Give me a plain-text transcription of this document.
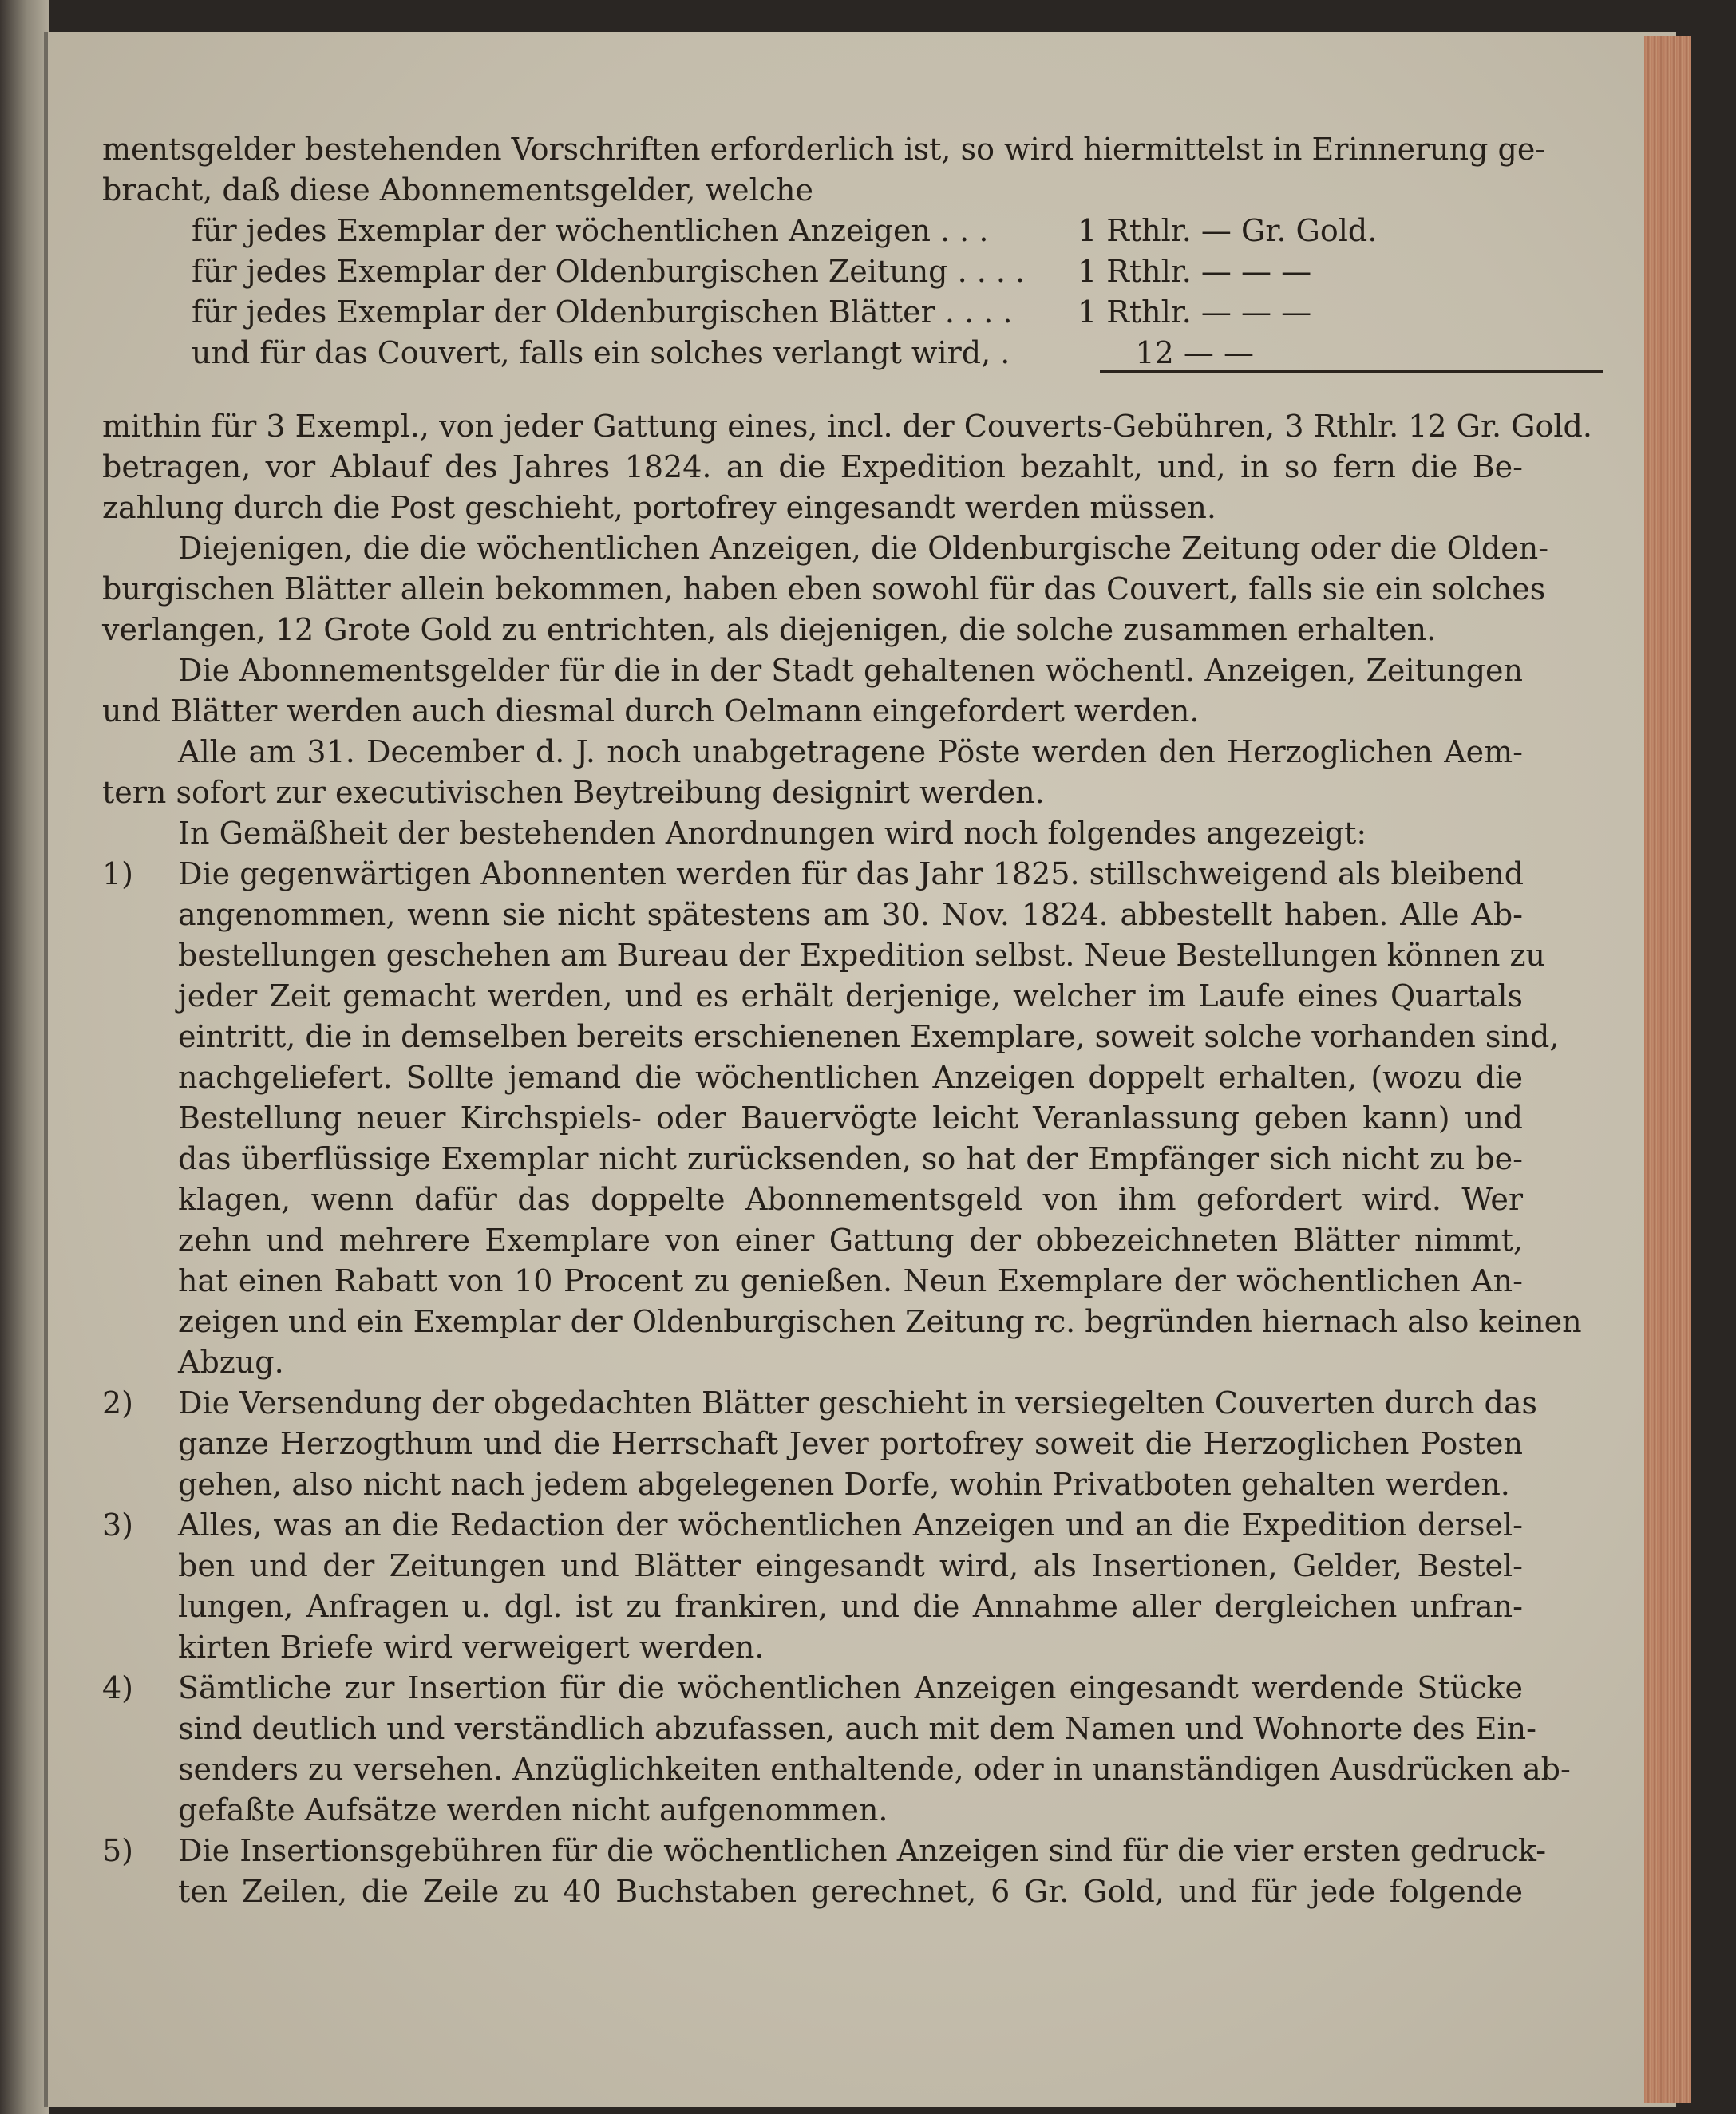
mentsgelder bestehenden Vorschriften erforderlich ist, so wird hiermittelst in Erinnerung ge-
bracht, daß diese Abonnementsgelder, welche
für jedes Exemplar der wöchentlichen Anzeigen . . .	1 Rthlr. — Gr. Gold.
für jedes Exemplar der Oldenburgischen Zeitung . . . .	1 Rthlr. — — —
für jedes Exemplar der Oldenburgischen Blätter . . . .	1 Rthlr. — — —
und für das Couvert, falls ein solches verlangt wird, .	12 — —
mithin für 3 Exempl., von jeder Gattung eines, incl. der Couverts-Gebühren, 3 Rthlr. 12 Gr. Gold.
betragen, vor Ablauf des Jahres 1824. an die Expedition bezahlt, und, in so fern die Be-
zahlung durch die Post geschieht, portofrey eingesandt werden müssen.
Diejenigen, die die wöchentlichen Anzeigen, die Oldenburgische Zeitung oder die Olden-
burgischen Blätter allein bekommen, haben eben sowohl für das Couvert, falls sie ein solches
verlangen, 12 Grote Gold zu entrichten, als diejenigen, die solche zusammen erhalten.
Die Abonnementsgelder für die in der Stadt gehaltenen wöchentl. Anzeigen, Zeitungen
und Blätter werden auch diesmal durch Oelmann eingefordert werden.
Alle am 31. December d. J. noch unabgetragene Pöste werden den Herzoglichen Aem-
tern sofort zur executivischen Beytreibung designirt werden.
In Gemäßheit der bestehenden Anordnungen wird noch folgendes angezeigt:
1) Die gegenwärtigen Abonnenten werden für das Jahr 1825. stillschweigend als bleibend
angenommen, wenn sie nicht spätestens am 30. Nov. 1824. abbestellt haben. Alle Ab-
bestellungen geschehen am Bureau der Expedition selbst. Neue Bestellungen können zu
jeder Zeit gemacht werden, und es erhält derjenige, welcher im Laufe eines Quartals
eintritt, die in demselben bereits erschienenen Exemplare, soweit solche vorhanden sind,
nachgeliefert. Sollte jemand die wöchentlichen Anzeigen doppelt erhalten, (wozu die
Bestellung neuer Kirchspiels- oder Bauervögte leicht Veranlassung geben kann) und
das überflüssige Exemplar nicht zurücksenden, so hat der Empfänger sich nicht zu be-
klagen, wenn dafür das doppelte Abonnementsgeld von ihm gefordert wird. Wer
zehn und mehrere Exemplare von einer Gattung der obbezeichneten Blätter nimmt,
hat einen Rabatt von 10 Procent zu genießen. Neun Exemplare der wöchentlichen An-
zeigen und ein Exemplar der Oldenburgischen Zeitung rc. begründen hiernach also keinen
Abzug.
2) Die Versendung der obgedachten Blätter geschieht in versiegelten Couverten durch das
ganze Herzogthum und die Herrschaft Jever portofrey soweit die Herzoglichen Posten
gehen, also nicht nach jedem abgelegenen Dorfe, wohin Privatboten gehalten werden.
3) Alles, was an die Redaction der wöchentlichen Anzeigen und an die Expedition dersel-
ben und der Zeitungen und Blätter eingesandt wird, als Insertionen, Gelder, Bestel-
lungen, Anfragen u. dgl. ist zu frankiren, und die Annahme aller dergleichen unfran-
kirten Briefe wird verweigert werden.
4) Sämtliche zur Insertion für die wöchentlichen Anzeigen eingesandt werdende Stücke
sind deutlich und verständlich abzufassen, auch mit dem Namen und Wohnorte des Ein-
senders zu versehen. Anzüglichkeiten enthaltende, oder in unanständigen Ausdrücken ab-
gefaßte Aufsätze werden nicht aufgenommen.
5) Die Insertionsgebühren für die wöchentlichen Anzeigen sind für die vier ersten gedruck-
ten Zeilen, die Zeile zu 40 Buchstaben gerechnet, 6 Gr. Gold, und für jede folgende
